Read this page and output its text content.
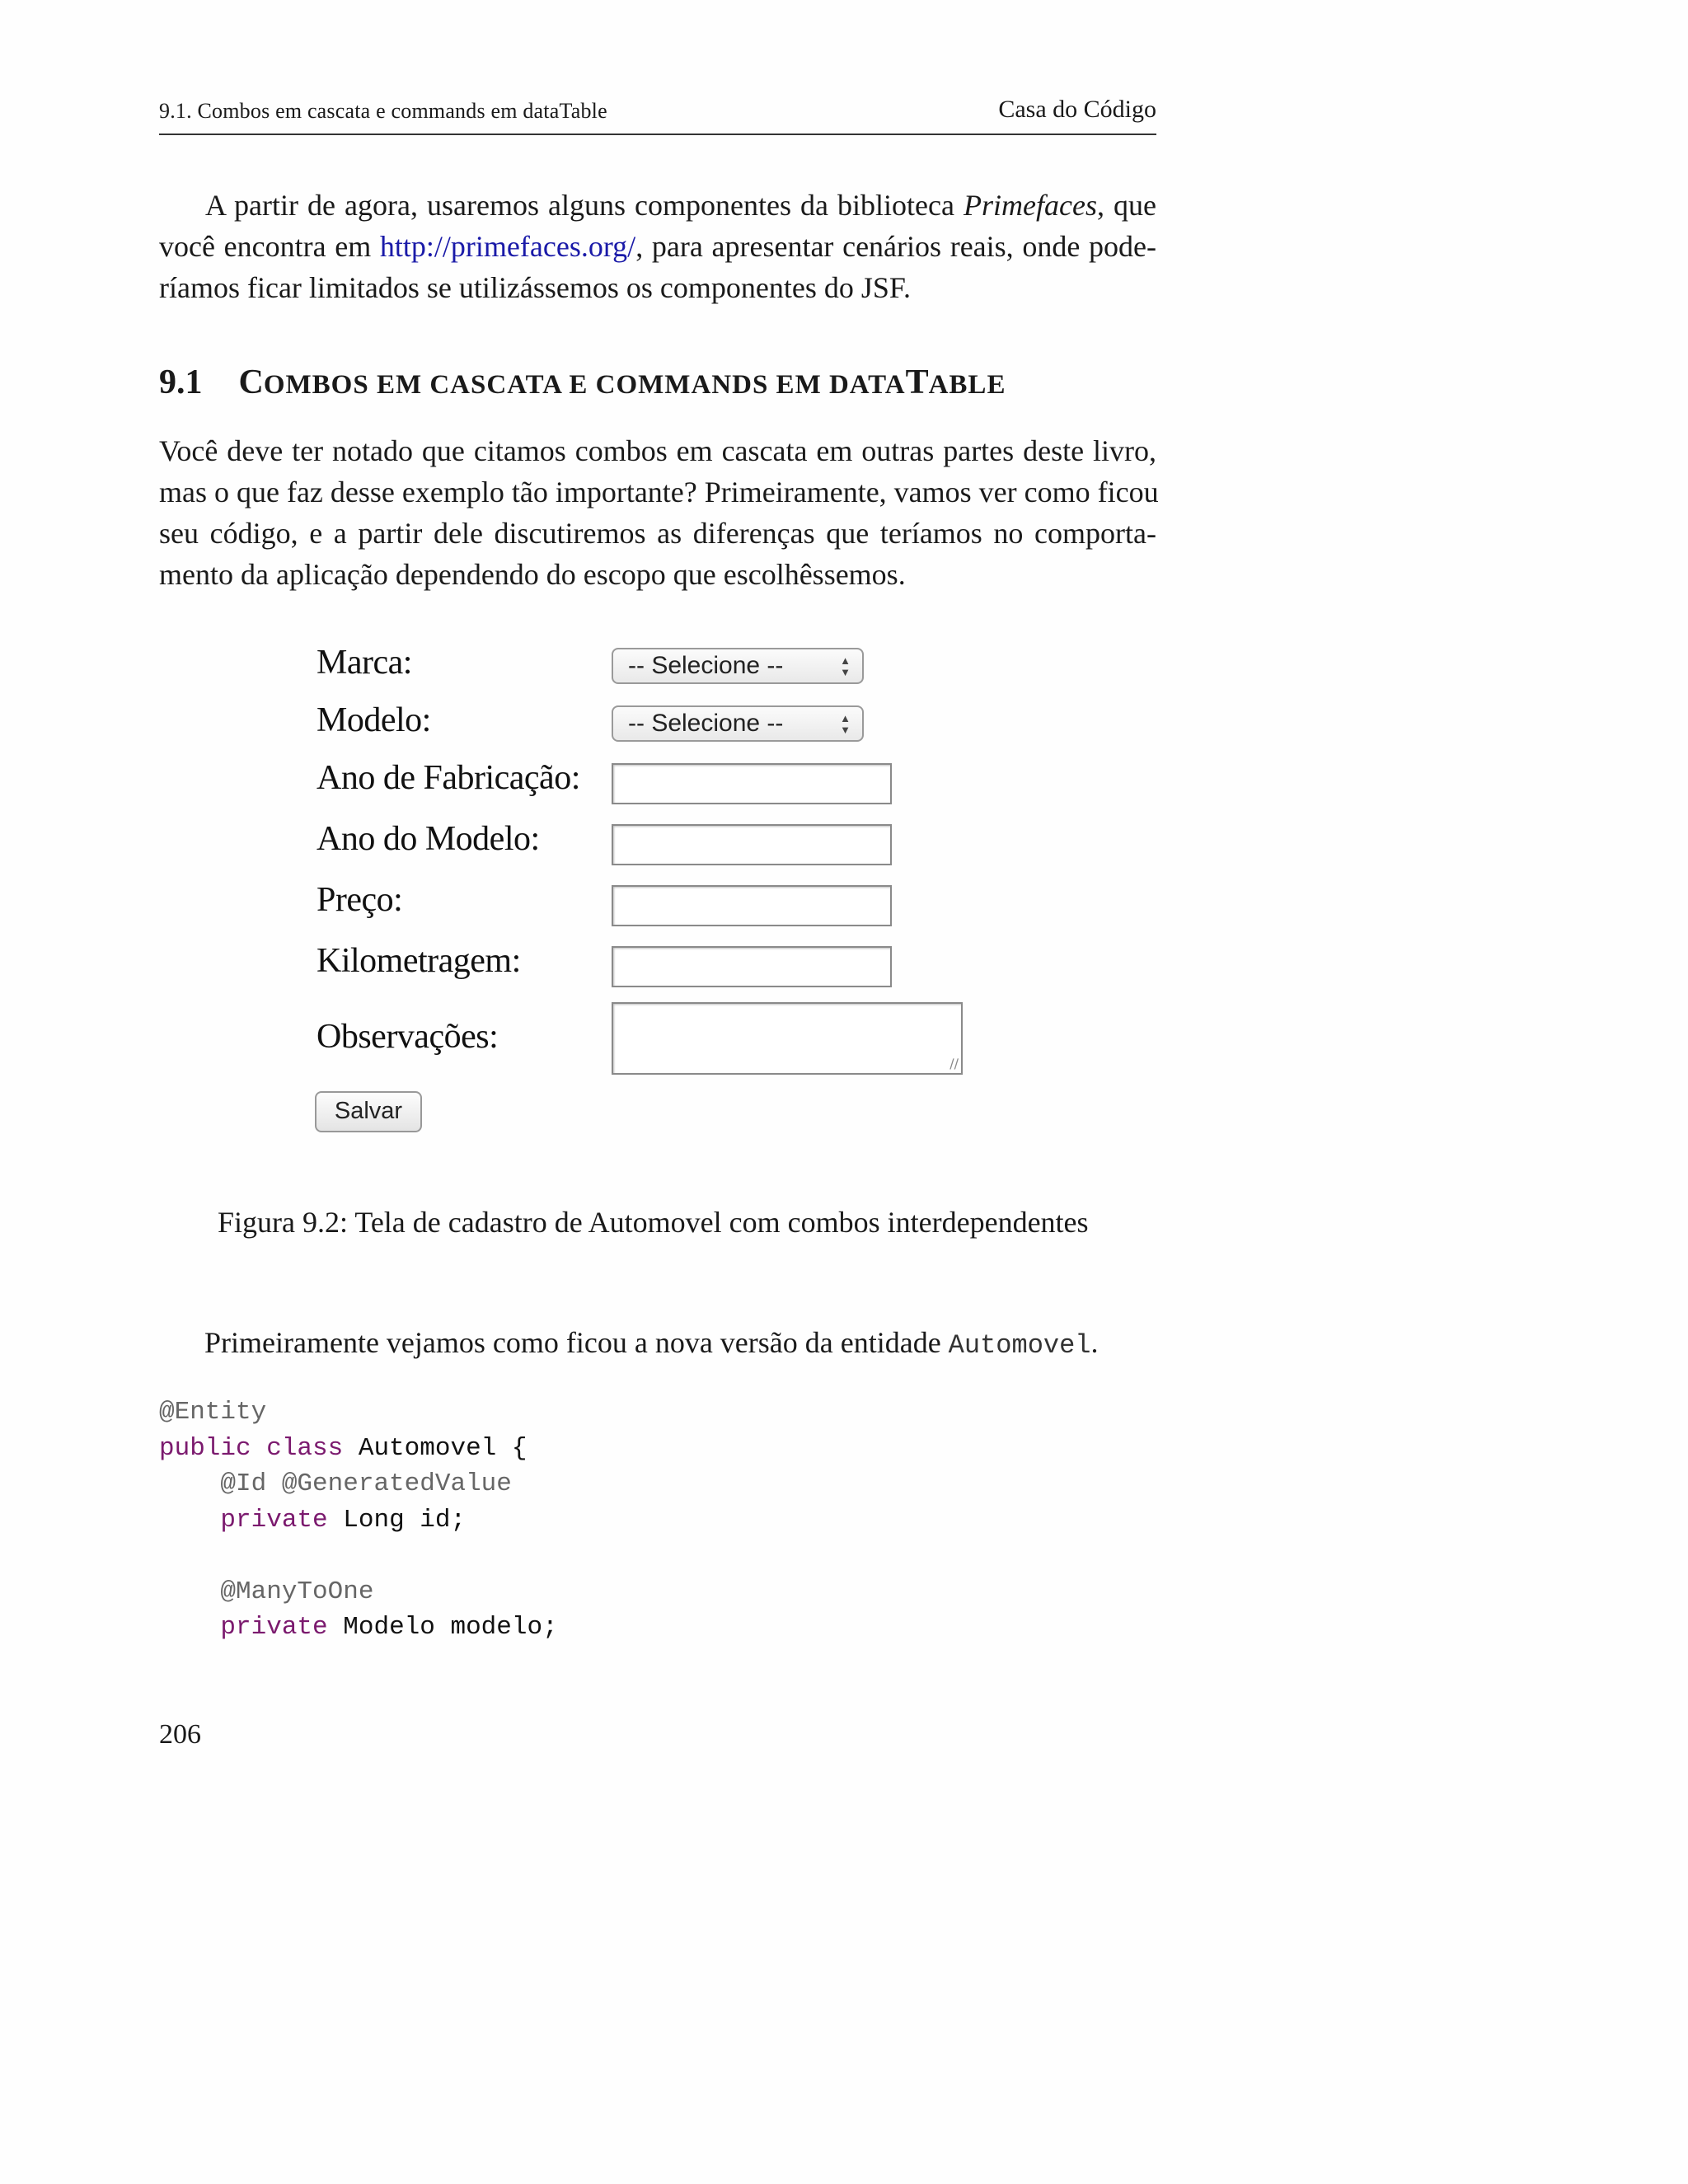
9.1. Combos em cascata e commands em dataTable	Casa do Código
A partir de agora, usaremos alguns componentes da biblioteca Primefaces, que
você encontra em http://primefaces.org/, para apresentar cenários reais, onde pode-
ríamos ficar limitados se utilizássemos os componentes do JSF.
9.1 COMBOS EM CASCATA E COMMANDS EM DATATABLE
Você deve ter notado que citamos combos em cascata em outras partes deste livro,
mas o que faz desse exemplo tão importante? Primeiramente, vamos ver como ficou
seu código, e a partir dele discutiremos as diferenças que teríamos no comporta-
mento da aplicação dependendo do escopo que escolhêssemos.
Marca:	-- Selecione --	▲
▼
Modelo:	-- Selecione --	▲
▼
Ano de Fabricação:
Ano do Modelo:
Preço:
Kilometragem:
Observações:
∕∕
Salvar
Figura 9.2: Tela de cadastro de Automovel com combos interdependentes
Primeiramente vejamos como ficou a nova versão da entidade Automovel.
@Entity
public class Automovel {
@Id @GeneratedValue
private Long id;
@ManyToOne
private Modelo modelo;
206
